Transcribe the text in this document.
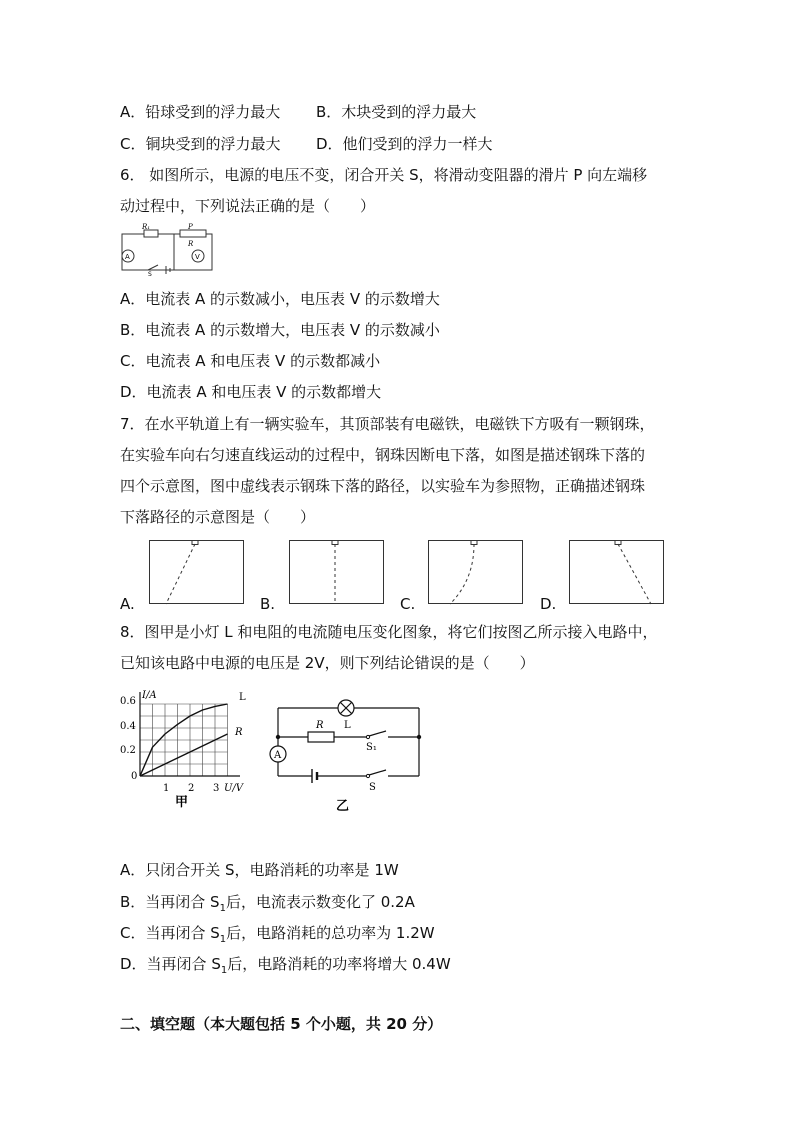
A．铅球受到的浮力最大 B．木块受到的浮力最大
C．铜块受到的浮力最大 D．他们受到的浮力一样大
6． 如图所示，电源的电压不变，闭合开关 S，将滑动变阻器的滑片 P 向左端移
动过程中，下列说法正确的是（　　）
R₁	P
R
A	V
S
A．电流表 A 的示数减小，电压表 V 的示数增大
B．电流表 A 的示数增大，电压表 V 的示数减小
C．电流表 A 和电压表 V 的示数都减小
D．电流表 A 和电压表 V 的示数都增大
7．在水平轨道上有一辆实验车，其顶部装有电磁铁，电磁铁下方吸有一颗钢珠，
在实验车向右匀速直线运动的过程中，钢珠因断电下落，如图是描述钢珠下落的
四个示意图，图中虚线表示钢珠下落的路径，以实验车为参照物，正确描述钢珠
下落路径的示意图是（　　）
A.	B.	C.	D.
8．图甲是小灯 L 和电阻的电流随电压变化图象，将它们按图乙所示接入电路中，
已知该电路中电源的电压是 2V，则下列结论错误的是（　　）
I/A
U/V
0.6
0.4
0.2
0
1 2 3
L
R
甲
L
R
S₁
A
S
乙
A．只闭合开关 S，电路消耗的功率是 1W
B．当再闭合 $S_1$后，电流表示数变化了 0.2A
C．当再闭合 $S_1$后，电路消耗的总功率为 1.2W
D．当再闭合 $S_1$后，电路消耗的功率将增大 0.4W
二、填空题（本大题包括 5 个小题，共 20 分）
